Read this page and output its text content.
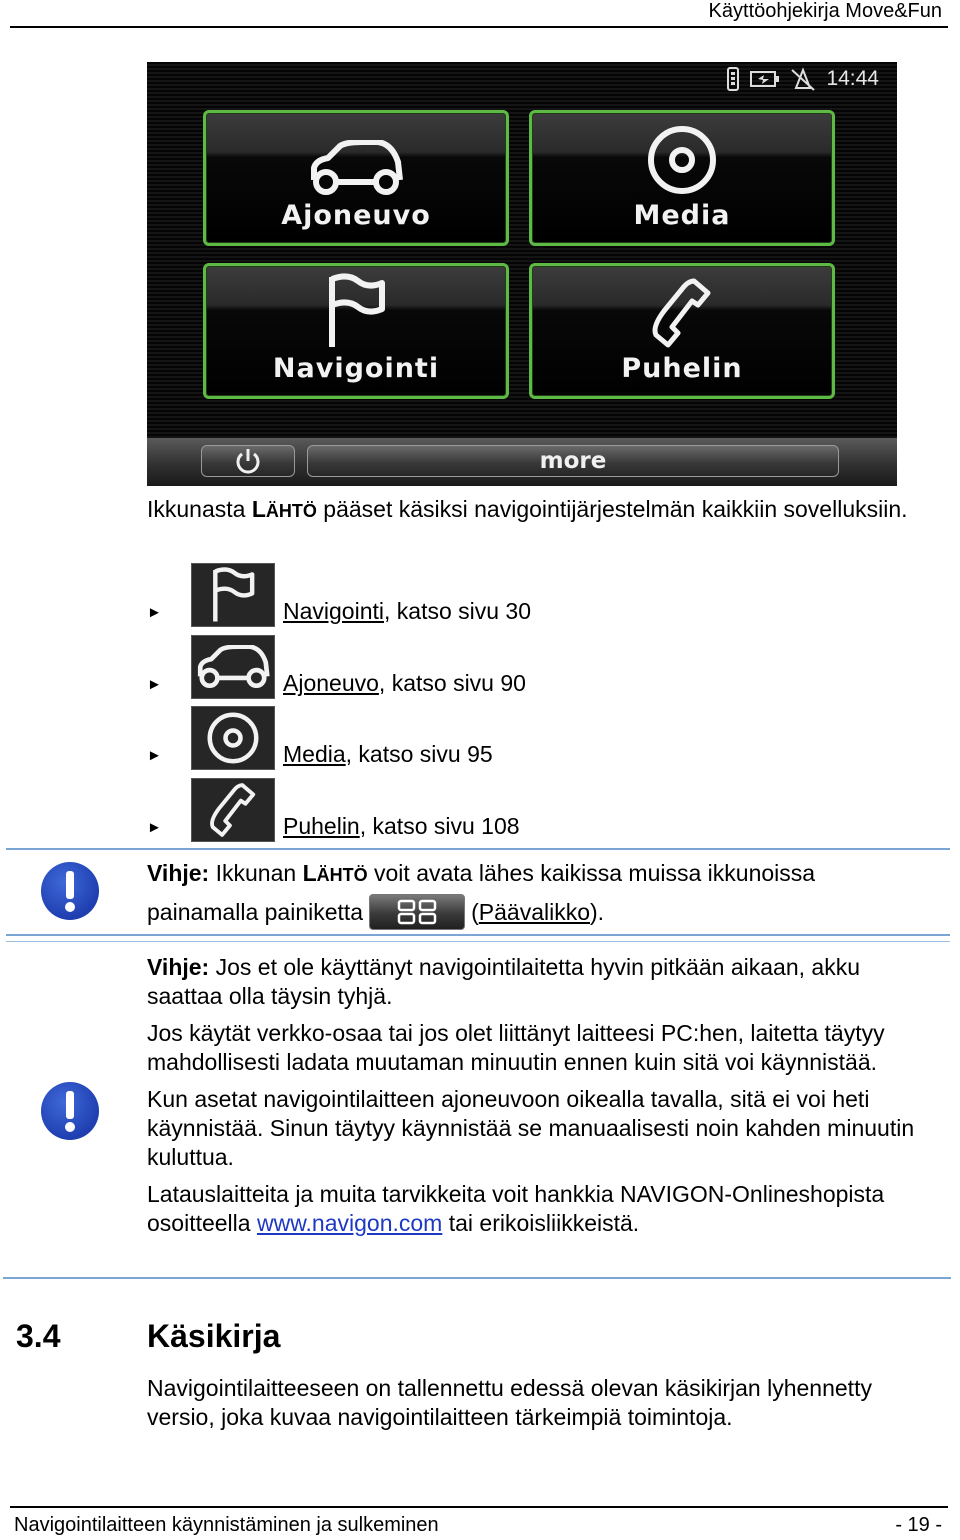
Käyttöohjekirja Move&Fun
14:44
Ajoneuvo	Media
Navigointi	Puhelin
more
Ikkunasta LÄHTÖ pääset käsiksi navigointijärjestelmän kaikkiin sovelluksiin.
►	Navigointi, katso sivu 30
►	Ajoneuvo, katso sivu 90
►	Media, katso sivu 95
►	Puhelin, katso sivu 108
Vihje: Ikkunan LÄHTÖ voit avata lähes kaikissa muissa ikkunoissa
painamalla painiketta	(Päävalikko).
Vihje: Jos et ole käyttänyt navigointilaitetta hyvin pitkään aikaan, akku saattaa olla täysin tyhjä.
Jos käytät verkko-osaa tai jos olet liittänyt laitteesi PC:hen, laitetta täytyy mahdollisesti ladata muutaman minuutin ennen kuin sitä voi käynnistää.
Kun asetat navigointilaitteen ajoneuvoon oikealla tavalla, sitä ei voi heti käynnistää. Sinun täytyy käynnistää se manuaalisesti noin kahden minuutin kuluttua.
Latauslaitteita ja muita tarvikkeita voit hankkia NAVIGON-Onlineshopista osoitteella www.navigon.com tai erikoisliikkeistä.
3.4	Käsikirja
Navigointilaitteeseen on tallennettu edessä olevan käsikirjan lyhennetty versio, joka kuvaa navigointilaitteen tärkeimpiä toimintoja.
Navigointilaitteen käynnistäminen ja sulkeminen	- 19 -
